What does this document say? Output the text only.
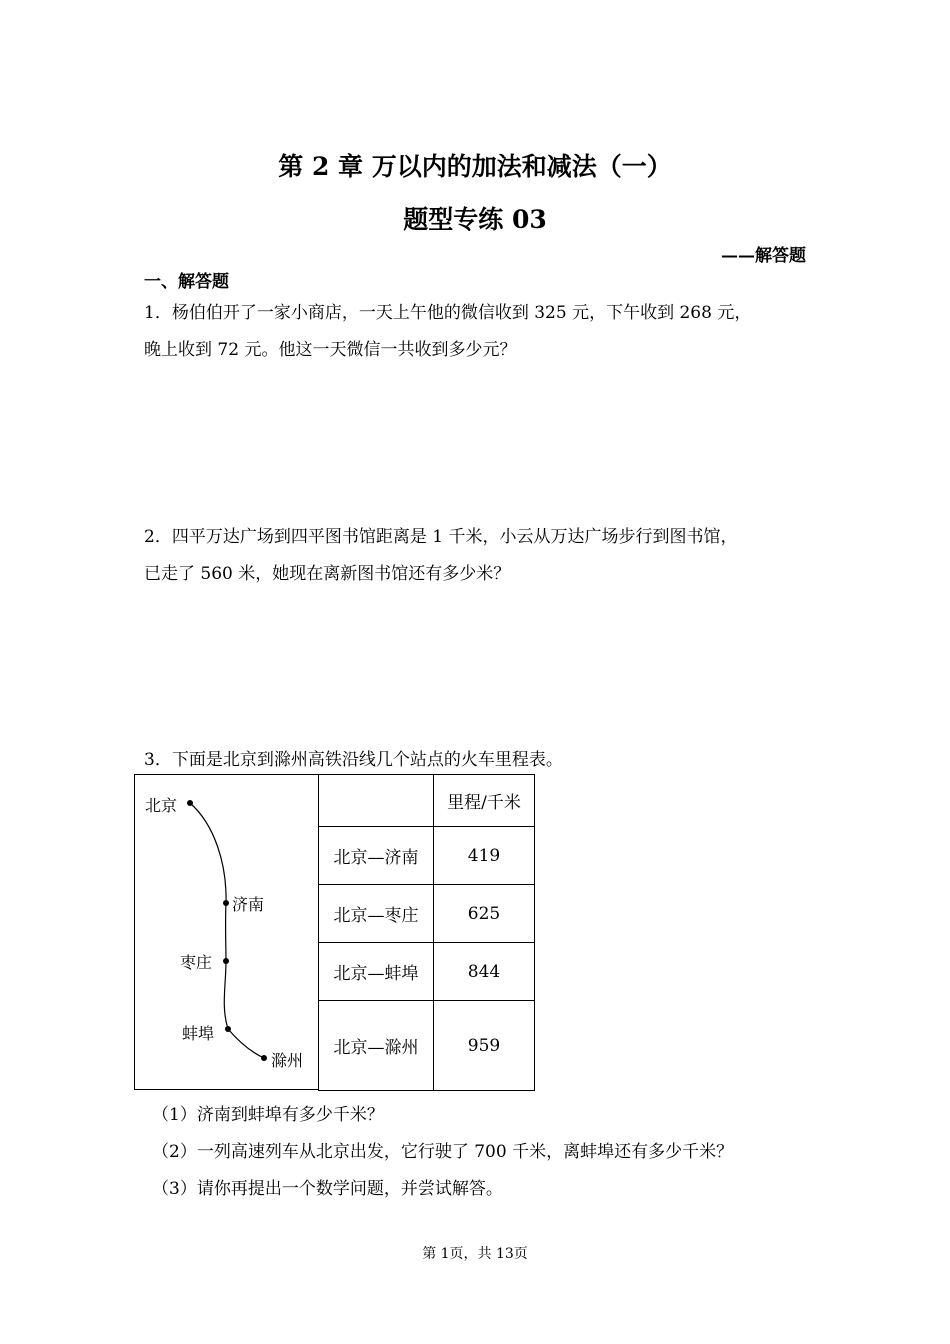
第 2 章 万以内的加法和减法（一）
题型专练 03
——解答题
一、解答题
1．杨伯伯开了一家小商店，一天上午他的微信收到 325 元，下午收到 268 元，
晚上收到 72 元。他这一天微信一共收到多少元？
2．四平万达广场到四平图书馆距离是 1 千米，小云从万达广场步行到图书馆，
已走了 560 米，她现在离新图书馆还有多少米？
3．下面是北京到滁州高铁沿线几个站点的火车里程表。
北京
济南
枣庄
蚌埠
滁州
	里程/千米
北京—济南	419
北京—枣庄	625
北京—蚌埠	844
北京—滁州	959
（1）济南到蚌埠有多少千米？
（2）一列高速列车从北京出发，它行驶了 700 千米，离蚌埠还有多少千米？
（3）请你再提出一个数学问题，并尝试解答。
第 1页，共 13页
